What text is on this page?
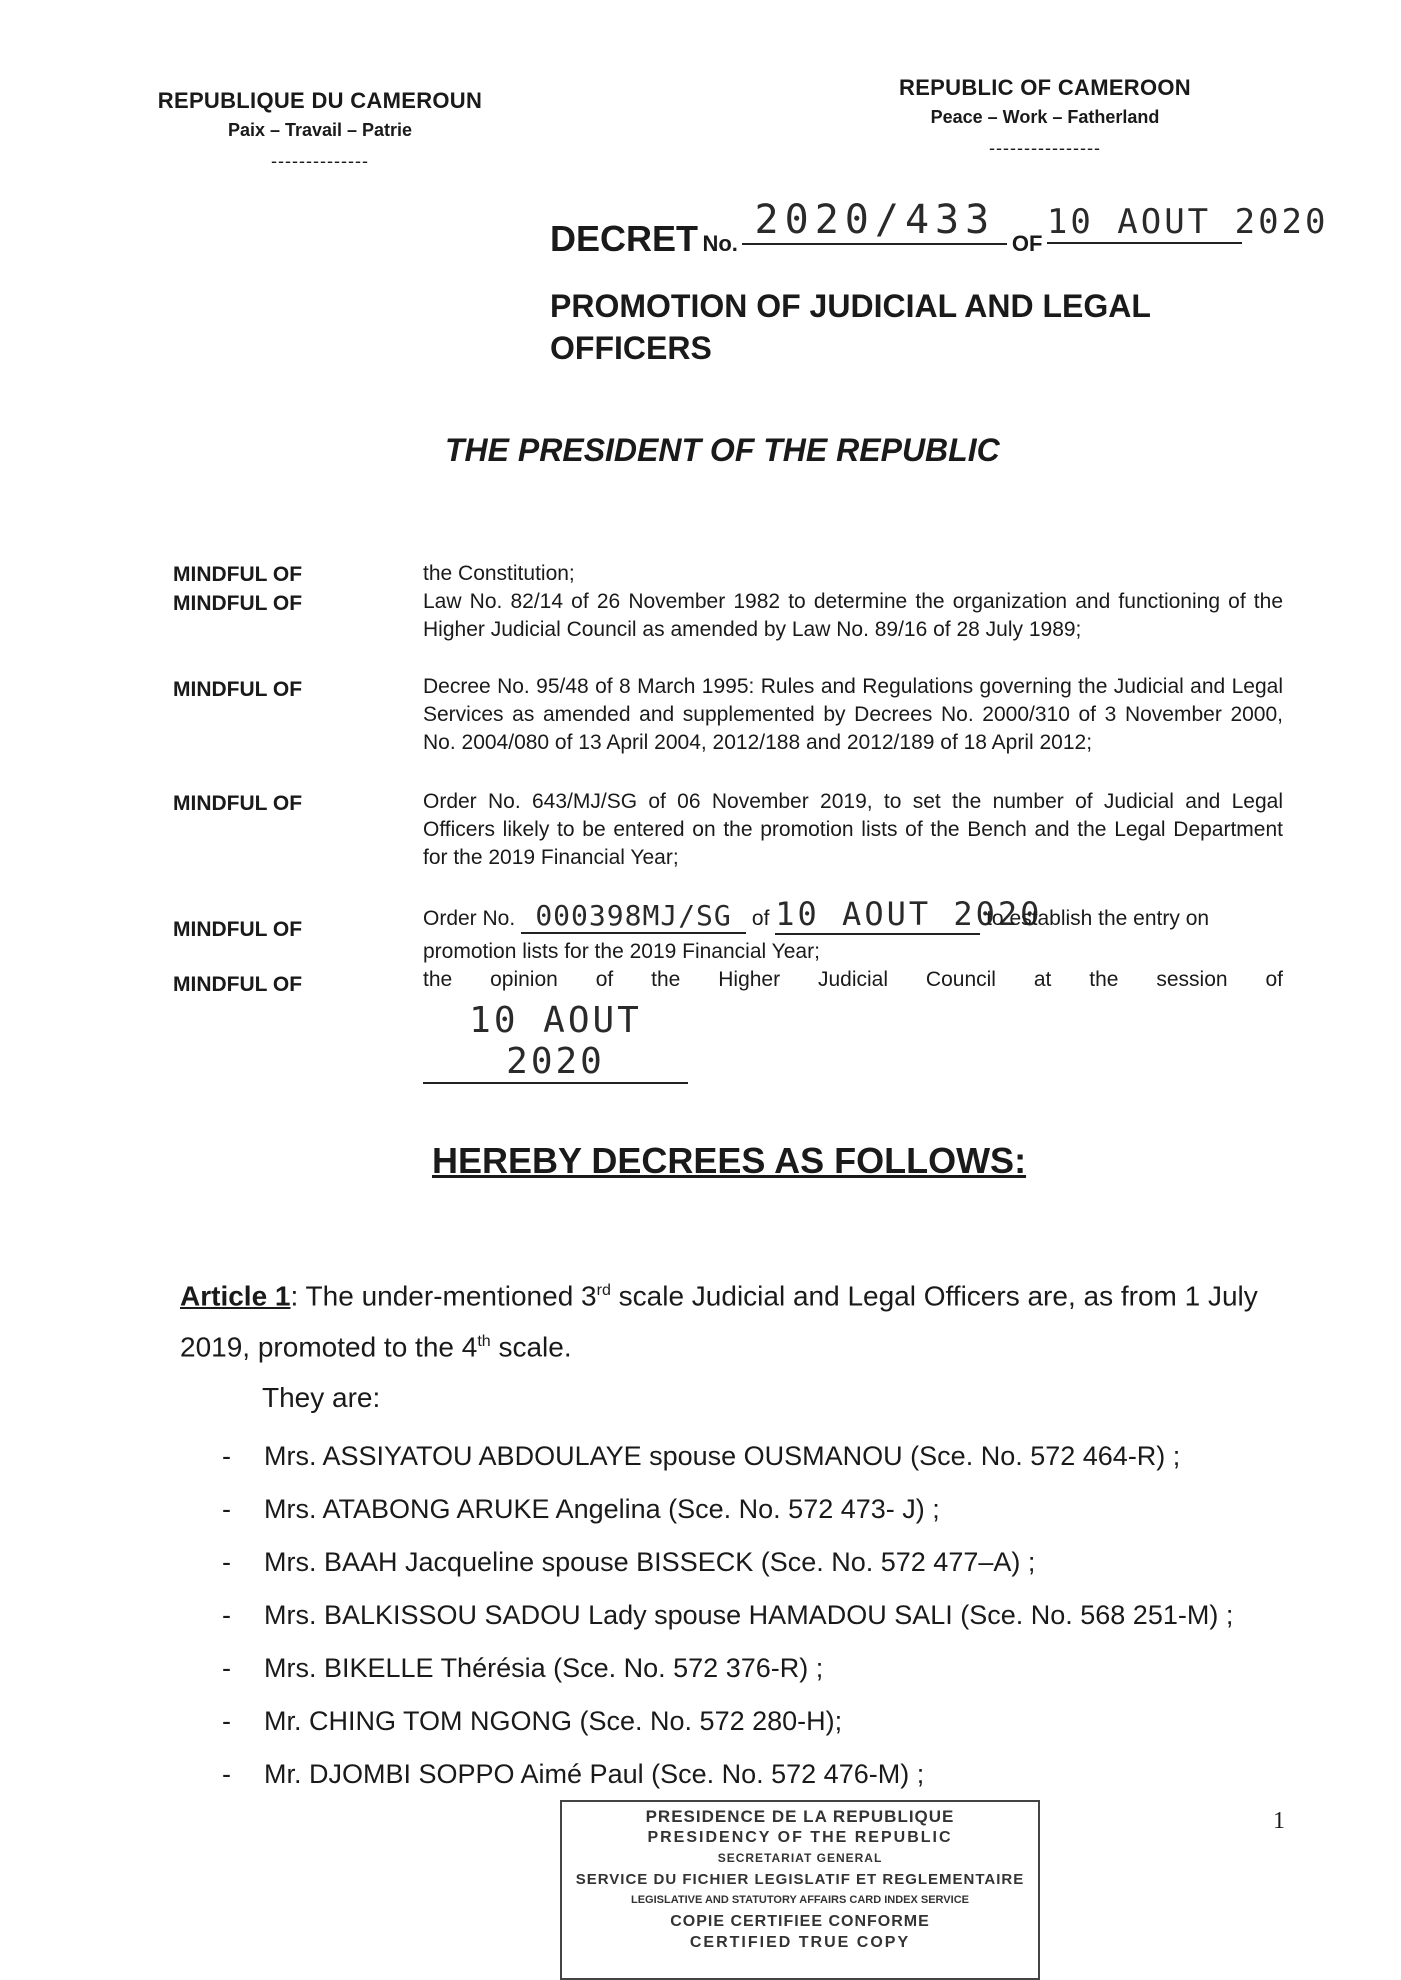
REPUBLIQUE DU CAMEROUN
Paix – Travail – Patrie
--------------
REPUBLIC OF CAMEROON
Peace – Work – Fatherland
----------------
DECRET No. 2020/433 OF 10 AOUT 2020
PROMOTION OF JUDICIAL AND LEGAL
OFFICERS
THE PRESIDENT OF THE REPUBLIC
MINDFUL OF	the Constitution;
MINDFUL OF	Law No. 82/14 of 26 November 1982 to determine the organization and functioning of the Higher Judicial Council as amended by Law No. 89/16 of 28 July 1989;
MINDFUL OF	Decree No. 95/48 of 8 March 1995: Rules and Regulations governing the Judicial and Legal Services as amended and supplemented by Decrees No. 2000/310 of 3 November 2000, No. 2004/080 of 13 April 2004, 2012/188 and 2012/189 of 18 April 2012;
MINDFUL OF	Order No. 643/MJ/SG of 06 November 2019, to set the number of Judicial and Legal Officers likely to be entered on the promotion lists of the Bench and the Legal Department for the 2019 Financial Year;
MINDFUL OF	Order No. 000398MJ/SG of 10 AOUT 2020 to establish the entry on
promotion lists for the 2019 Financial Year;
MINDFUL OF	the opinion of the Higher Judicial Council at the session of
10 AOUT 2020
HEREBY DECREES AS FOLLOWS:
Article 1: The under-mentioned 3rd scale Judicial and Legal Officers are, as from 1 July
2019, promoted to the 4th scale.
They are:
- Mrs. ASSIYATOU ABDOULAYE spouse OUSMANOU (Sce. No. 572 464-R) ;
- Mrs. ATABONG ARUKE Angelina (Sce. No. 572 473- J) ;
- Mrs. BAAH Jacqueline spouse BISSECK (Sce. No. 572 477–A) ;
- Mrs. BALKISSOU SADOU Lady spouse HAMADOU SALI (Sce. No. 568 251-M) ;
- Mrs. BIKELLE Thérésia (Sce. No. 572 376-R) ;
- Mr. CHING TOM NGONG (Sce. No. 572 280-H);
- Mr. DJOMBI SOPPO Aimé Paul (Sce. No. 572 476-M) ;
1
PRESIDENCE DE LA REPUBLIQUE
PRESIDENCY OF THE REPUBLIC
SECRETARIAT GENERAL
SERVICE DU FICHIER LEGISLATIF ET REGLEMENTAIRE
LEGISLATIVE AND STATUTORY AFFAIRS CARD INDEX SERVICE
COPIE CERTIFIEE CONFORME
CERTIFIED TRUE COPY
